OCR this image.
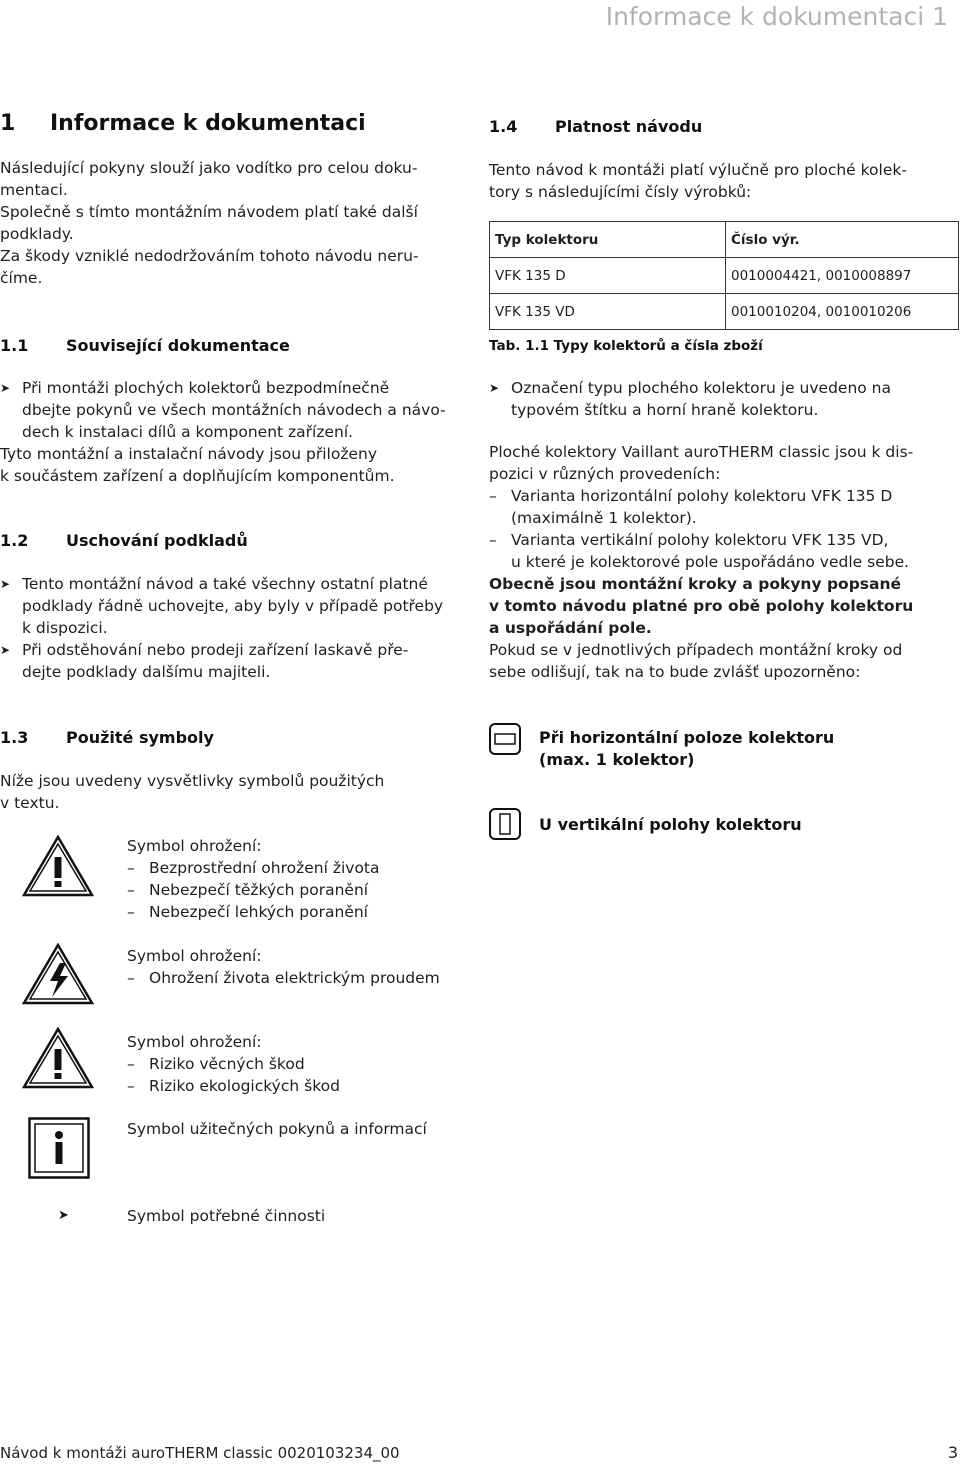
Informace k dokumentaci 1
1 Informace k dokumentaci

Následující pokyny slouží jako vodítko pro celou doku-

mentaci.

Společně s tímto montážním návodem platí také další

podklady.

Za škody vzniklé nedodržováním tohoto návodu neru-

číme.

1.1 Související dokumentace
➤ Při montáži plochých kolektorů bezpodmínečně
dbejte pokynů ve všech montážních návodech a návo-
dech k instalaci dílů a komponent zařízení.

Tyto montážní a instalační návody jsou přiloženy

k součástem zařízení a doplňujícím komponentům.

1.2 Uschování podkladů
➤ Tento montážní návod a také všechny ostatní platné
podklady řádně uchovejte, aby byly v případě potřeby
k dispozici.
➤ Při odstěhování nebo prodeji zařízení laskavě pře-
dejte podklady dalšímu majiteli.
1.3 Použité symboly

Níže jsou uvedeny vysvětlivky symbolů použitých

v textu.

Symbol ohrožení:
– Bezprostřední ohrožení života
– Nebezpečí těžkých poranění
– Nebezpečí lehkých poranění
Symbol ohrožení:
– Ohrožení života elektrickým proudem
Symbol ohrožení:
– Riziko věcných škod
– Riziko ekologických škod
Symbol užitečných pokynů a informací
➤	Symbol potřebné činnosti
1.4 Platnost návodu

Tento návod k montáži platí výlučně pro ploché kolek-

tory s následujícími čísly výrobků:

Typ kolektoru	Číslo výr.
VFK 135 D	0010004421, 0010008897
VFK 135 VD	0010010204, 0010010206
Tab. 1.1 Typy kolektorů a čísla zboží
➤ Označení typu plochého kolektoru je uvedeno na
typovém štítku a horní hraně kolektoru.

Ploché kolektory Vaillant auroTHERM classic jsou k dis-

pozici v různých provedeních:

– Varianta horizontální polohy kolektoru VFK 135 D
(maximálně 1 kolektor).
– Varianta vertikální polohy kolektoru VFK 135 VD,
u které je kolektorové pole uspořádáno vedle sebe.

Obecně jsou montážní kroky a pokyny popsané

v tomto návodu platné pro obě polohy kolektoru

a uspořádání pole.

Pokud se v jednotlivých případech montážní kroky od

sebe odlišují, tak na to bude zvlášť upozorněno:

Při horizontální poloze kolektoru
(max. 1 kolektor)
U vertikální polohy kolektoru
Návod k montáži auroTHERM classic 0020103234_00	3
